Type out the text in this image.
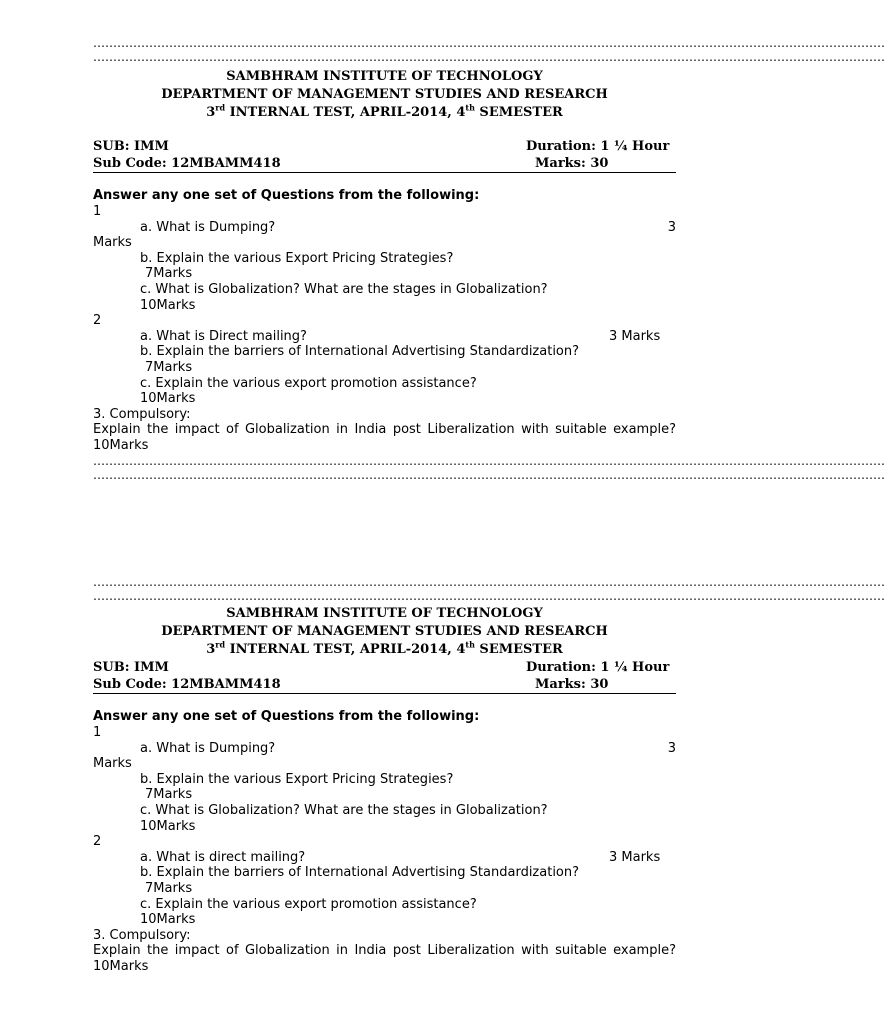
………………………………………………………………………………………………………………………………………………………………………………
………………………………………………………………………………………………………………………………………………………………………………
SAMBHRAM INSTITUTE OF TECHNOLOGY
DEPARTMENT OF MANAGEMENT STUDIES AND RESEARCH
3rd INTERNAL TEST, APRIL-2014, 4th SEMESTER
SUB: IMM	Duration: 1 ¼ Hour
Sub Code: 12MBAMM418	Marks: 30
Answer any one set of Questions from the following:
1
a. What is Dumping?	3
Marks
b. Explain the various Export Pricing Strategies?
7Marks
c. What is Globalization? What are the stages in Globalization?
10Marks
2
a. What is Direct mailing?	3 Marks
b. Explain the barriers of International Advertising Standardization?
7Marks
c. Explain the various export promotion assistance?
10Marks
3. Compulsory:
Explain the impact of Globalization in India post Liberalization with suitable example?     10Marks
………………………………………………………………………………………………………………………………………………………………………………
………………………………………………………………………………………………………………………………………………………………………………
………………………………………………………………………………………………………………………………………………………………………………
………………………………………………………………………………………………………………………………………………………………………………
SAMBHRAM INSTITUTE OF TECHNOLOGY
DEPARTMENT OF MANAGEMENT STUDIES AND RESEARCH
3rd INTERNAL TEST, APRIL-2014, 4th SEMESTER
SUB: IMM	Duration: 1 ¼ Hour
Sub Code: 12MBAMM418	Marks: 30
Answer any one set of Questions from the following:
1
a. What is Dumping?	3
Marks
b. Explain the various Export Pricing Strategies?
7Marks
c. What is Globalization? What are the stages in Globalization?
10Marks
2
a. What is direct mailing?	3 Marks
b. Explain the barriers of International Advertising Standardization?
7Marks
c. Explain the various export promotion assistance?
10Marks
3. Compulsory:
Explain the impact of Globalization in India post Liberalization with suitable example?     10Marks
